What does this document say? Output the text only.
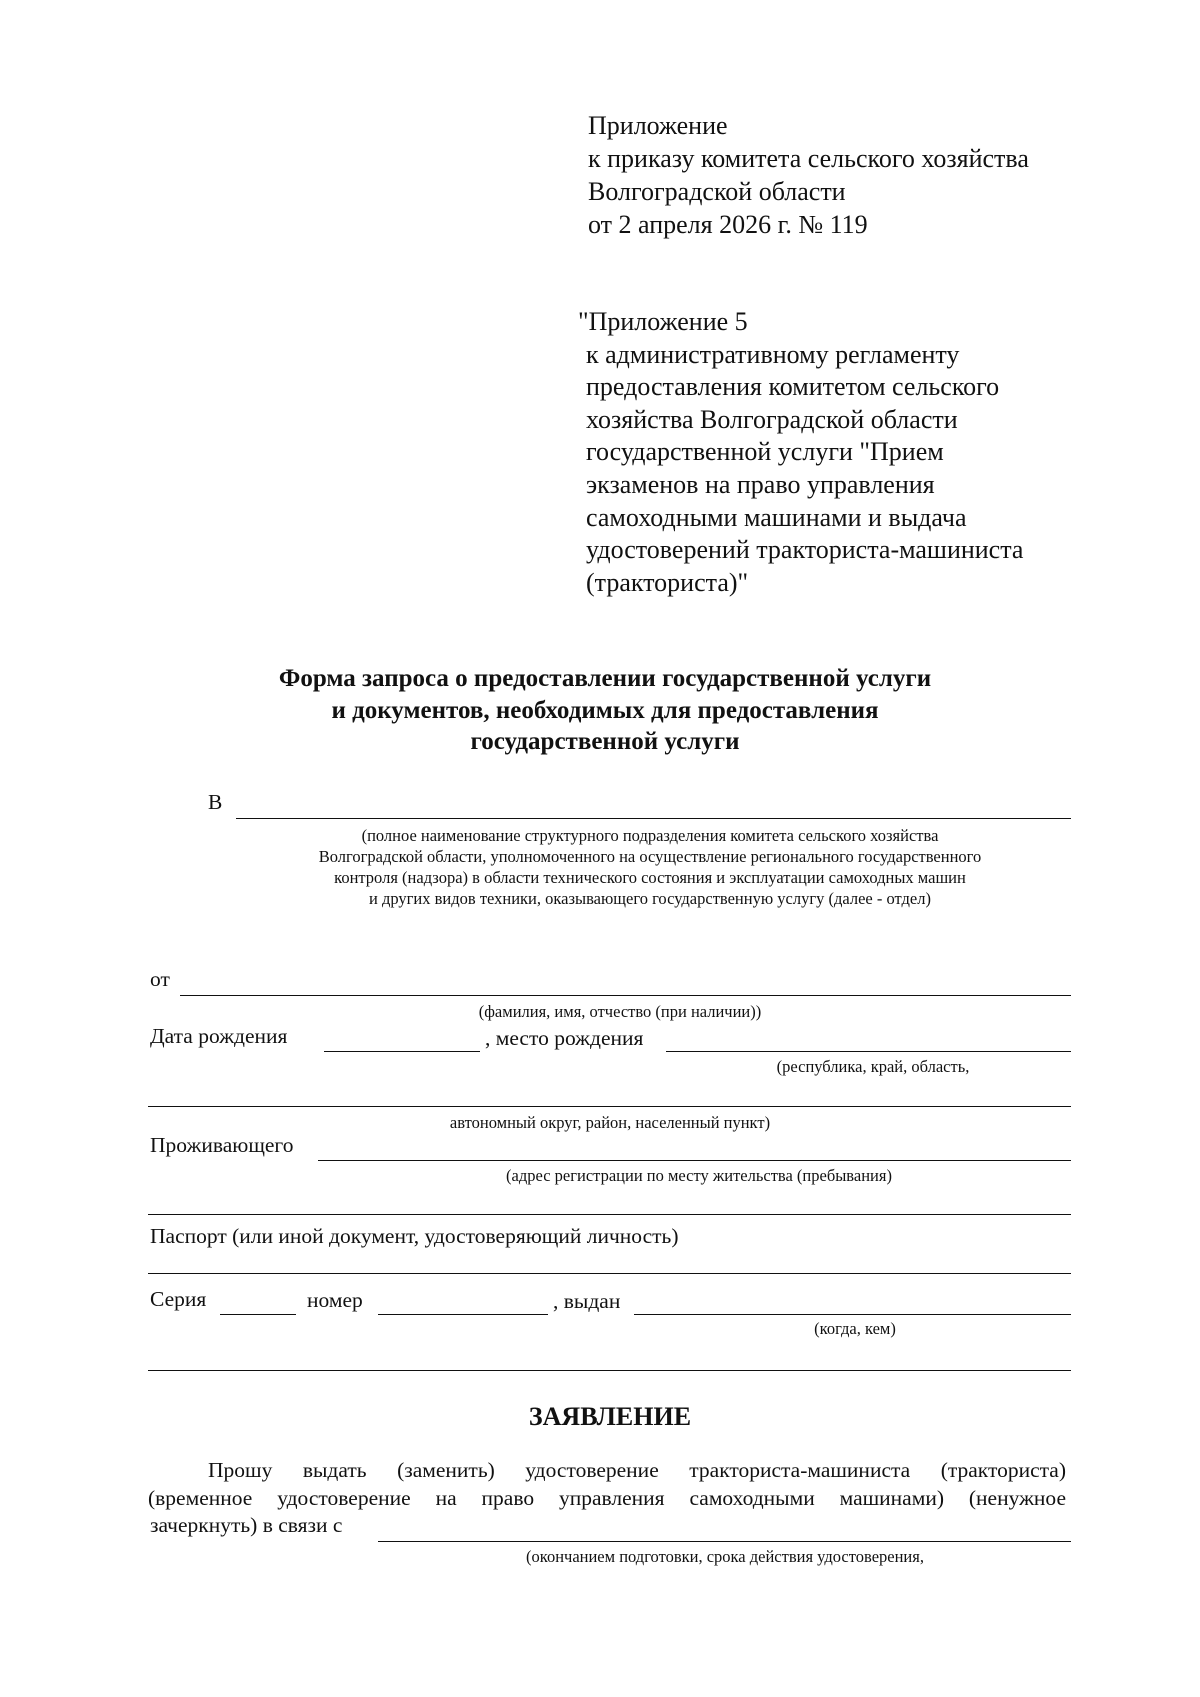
Приложение
к приказу комитета сельского хозяйства
Волгоградской области
от 2 апреля 2026 г. № 119
"Приложение 5
к административному регламенту
предоставления комитетом сельского
хозяйства Волгоградской области
государственной услуги "Прием
экзаменов на право управления
самоходными машинами и выдача
удостоверений тракториста-машиниста
(тракториста)"
Форма запроса о предоставлении государственной услуги
и документов, необходимых для предоставления
государственной услуги
В
(полное наименование структурного подразделения комитета сельского хозяйства
Волгоградской области, уполномоченного на осуществление регионального государственного
контроля (надзора) в области технического состояния и эксплуатации самоходных машин
и других видов техники, оказывающего государственную услугу (далее - отдел)
от
(фамилия, имя, отчество (при наличии))
Дата рождения	, место рождения
(республика, край, область,
автономный округ, район, населенный пункт)
Проживающего
(адрес регистрации по месту жительства (пребывания)
Паспорт (или иной документ, удостоверяющий личность)
Серия	номер	, выдан
(когда, кем)
ЗАЯВЛЕНИЕ
Прошу выдать (заменить) удостоверение тракториста-машиниста (тракториста)
(временное удостоверение на право управления самоходными машинами) (ненужное
зачеркнуть) в связи с
(окончанием подготовки, срока действия удостоверения,
